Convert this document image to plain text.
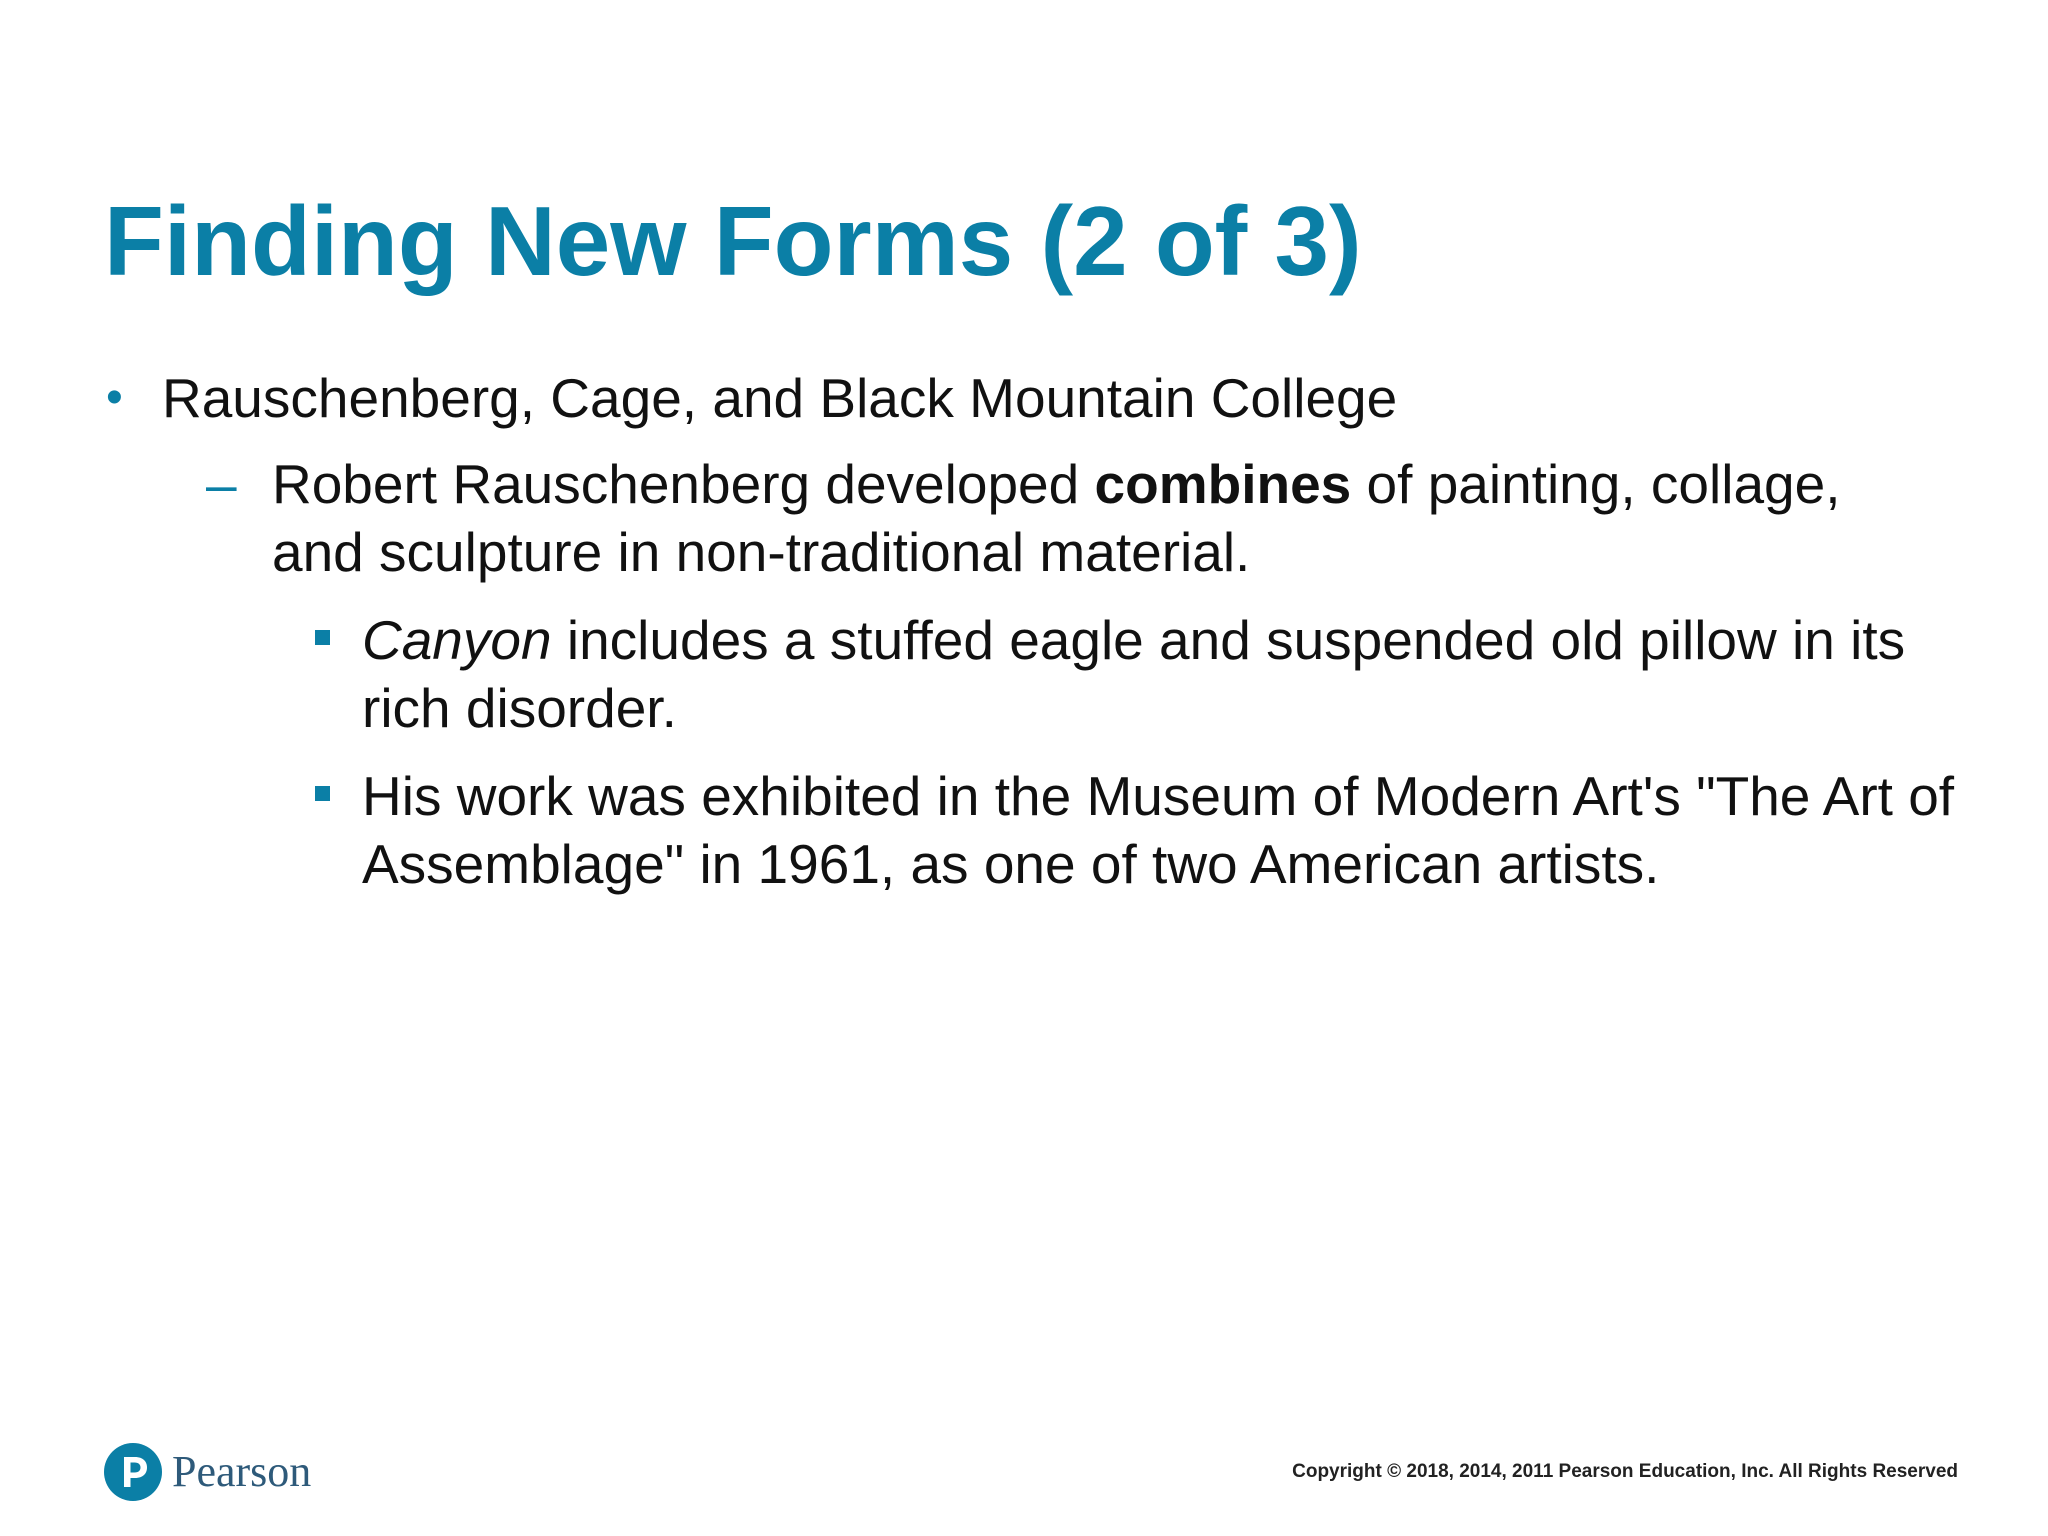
Finding New Forms (2 of 3)
• Rauschenberg, Cage, and Black Mountain College
– Robert Rauschenberg developed combines of painting, collage, and sculpture in non-traditional material.
Canyon includes a stuffed eagle and suspended old pillow in its rich disorder.
His work was exhibited in the Museum of Modern Art's "The Art of Assemblage" in 1961, as one of two American artists.
Pearson	Copyright © 2018, 2014, 2011 Pearson Education, Inc. All Rights Reserved
